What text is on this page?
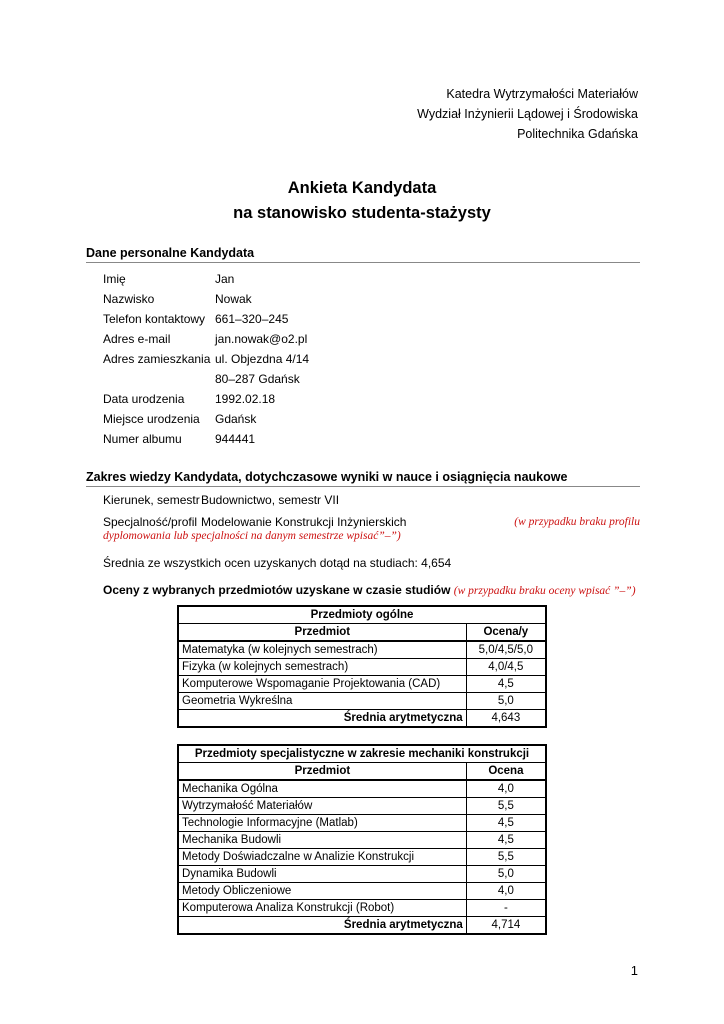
Katedra Wytrzymałości Materiałów
Wydział Inżynierii Lądowej i Środowiska
Politechnika Gdańska
Ankieta Kandydata
na stanowisko studenta-stażysty
Dane personalne Kandydata
Imię	Jan
Nazwisko	Nowak
Telefon kontaktowy 661–320–245
Adres e-mail	jan.nowak@o2.pl
Adres zamieszkania ul. Objezdna 4/14
80–287 Gdańsk
Data urodzenia	1992.02.18
Miejsce urodzenia Gdańsk
Numer albumu	944441
Zakres wiedzy Kandydata, dotychczasowe wyniki w nauce i osiągnięcia naukowe
Kierunek, semestrBudownictwo, semestr VII
Specjalność/profil Modelowanie Konstrukcji Inżynierskich	(w przypadku braku profilu
dyplomowania lub specjalności na danym semestrze wpisać”–”)
Średnia ze wszystkich ocen uzyskanych dotąd na studiach: 4,654
Oceny z wybranych przedmiotów uzyskane w czasie studiów (w przypadku braku oceny wpisać ”–”)
Przedmioty ogólne	
Przedmiot	Ocena/y
Matematyka (w kolejnych semestrach)	5,0/4,5/5,0
Fizyka (w kolejnych semestrach)	4,0/4,5
Komputerowe Wspomaganie Projektowania (CAD)	4,5
Geometria Wykreślna	5,0
Średnia arytmetyczna	4,643
Przedmioty specjalistyczne w zakresie mechaniki konstrukcji	
Przedmiot	Ocena
Mechanika Ogólna	4,0
Wytrzymałość Materiałów	5,5
Technologie Informacyjne (Matlab)	4,5
Mechanika Budowli	4,5
Metody Doświadczalne w Analizie Konstrukcji	5,5
Dynamika Budowli	5,0
Metody Obliczeniowe	4,0
Komputerowa Analiza Konstrukcji (Robot)	-
Średnia arytmetyczna	4,714
1
